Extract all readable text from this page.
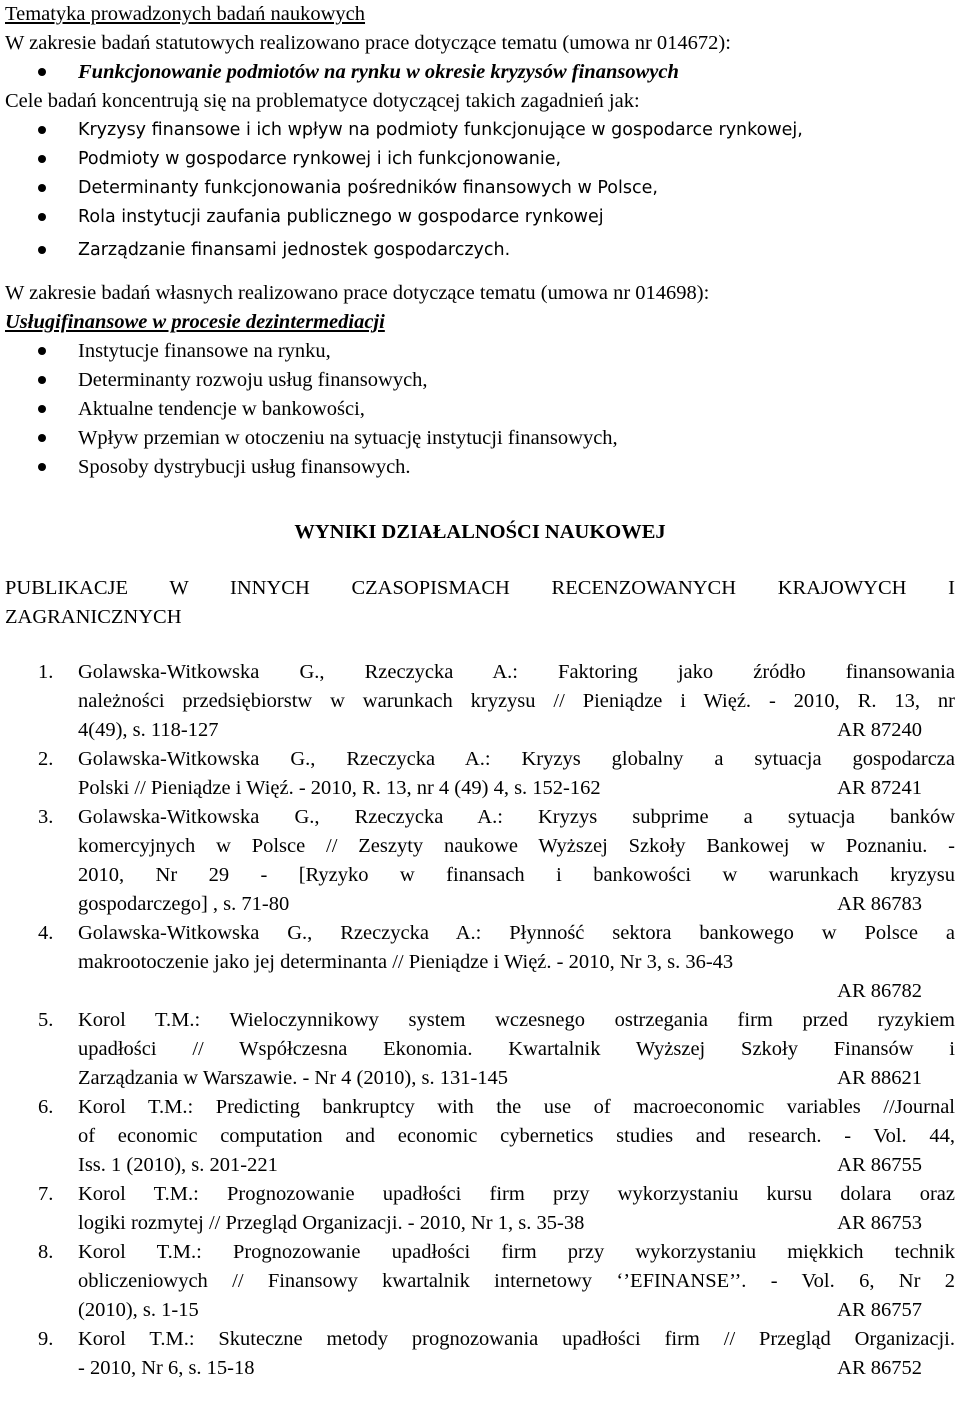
Tematyka prowadzonych badań naukowych
W zakresie badań statutowych realizowano prace dotyczące tematu (umowa nr 014672):
Funkcjonowanie podmiotów na rynku w okresie kryzysów finansowych
Cele badań koncentrują się na problematyce dotyczącej takich zagadnień jak:
Kryzysy finansowe i ich wpływ na podmioty funkcjonujące w gospodarce rynkowej,
Podmioty w gospodarce rynkowej i ich funkcjonowanie,
Determinanty funkcjonowania pośredników finansowych w Polsce,
Rola instytucji zaufania publicznego w gospodarce rynkowej
Zarządzanie finansami jednostek gospodarczych.
W zakresie badań własnych realizowano prace dotyczące tematu (umowa nr 014698):
Usługifinansowe w procesie dezintermediacji
Instytucje finansowe na rynku,
Determinanty rozwoju usług finansowych,
Aktualne tendencje w bankowości,
Wpływ przemian w otoczeniu na sytuację instytucji finansowych,
Sposoby dystrybucji usług finansowych.
WYNIKI DZIAŁALNOŚCI NAUKOWEJ
PUBLIKACJE W INNYCH CZASOPISMACH RECENZOWANYCH KRAJOWYCH I
ZAGRANICZNYCH
1. Golawska-Witkowska G., Rzeczycka A.: Faktoring jako źródło finansowania
należności przedsiębiorstw w warunkach kryzysu // Pieniądze i Więź. - 2010, R. 13, nr
4(49), s. 118-127	AR 87240
2. Golawska-Witkowska G., Rzeczycka A.: Kryzys globalny a sytuacja gospodarcza
Polski // Pieniądze i Więź. - 2010, R. 13, nr 4 (49) 4, s. 152-162	AR 87241
3. Golawska-Witkowska G., Rzeczycka A.: Kryzys subprime a sytuacja banków
komercyjnych w Polsce // Zeszyty naukowe Wyższej Szkoły Bankowej w Poznaniu. -
2010, Nr 29 - [Ryzyko w finansach i bankowości w warunkach kryzysu
gospodarczego] , s. 71-80	AR 86783
4. Golawska-Witkowska G., Rzeczycka A.: Płynność sektora bankowego w Polsce a
makrootoczenie jako jej determinanta // Pieniądze i Więź. - 2010, Nr 3, s. 36-43
AR 86782
5. Korol T.M.: Wieloczynnikowy system wczesnego ostrzegania firm przed ryzykiem
upadłości // Współczesna Ekonomia. Kwartalnik Wyższej Szkoły Finansów i
Zarządzania w Warszawie. - Nr 4 (2010), s. 131-145	AR 88621
6. Korol T.M.: Predicting bankruptcy with the use of macroeconomic variables //Journal
of economic computation and economic cybernetics studies and research. - Vol. 44,
Iss. 1 (2010), s. 201-221	AR 86755
7. Korol T.M.: Prognozowanie upadłości firm przy wykorzystaniu kursu dolara oraz
logiki rozmytej // Przegląd Organizacji. - 2010, Nr 1, s. 35-38	AR 86753
8. Korol T.M.: Prognozowanie upadłości firm przy wykorzystaniu miękkich technik
obliczeniowych // Finansowy kwartalnik internetowy ‘’EFINANSE’’. - Vol. 6, Nr 2
(2010), s. 1-15	AR 86757
9. Korol T.M.: Skuteczne metody prognozowania upadłości firm // Przegląd Organizacji.
- 2010, Nr 6, s. 15-18	AR 86752
